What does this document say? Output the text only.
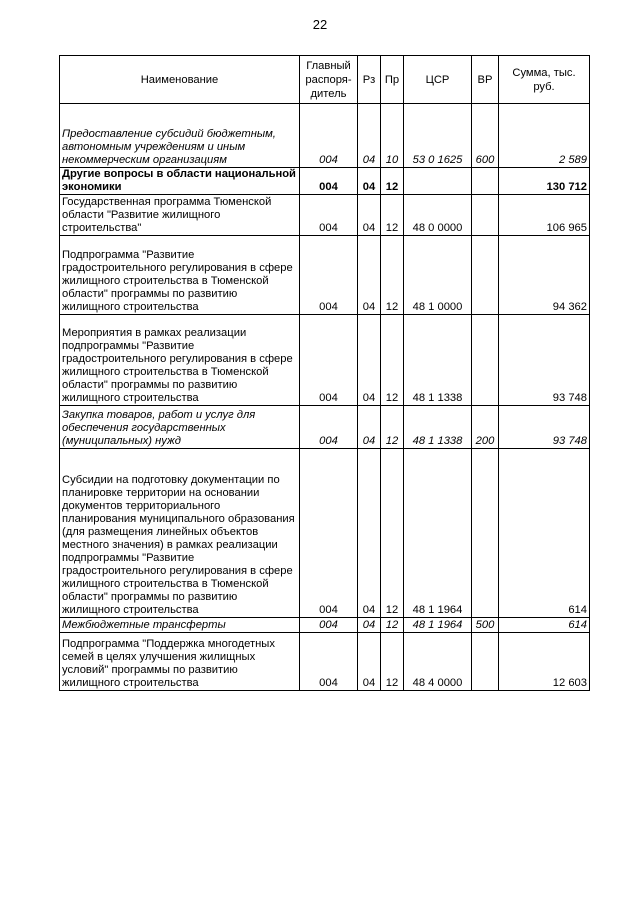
22
Наименование	Главный распоря-дитель	Рз	Пр	ЦСР	ВР	Сумма, тыс. руб.
Предоставление субсидий бюджетным, автономным учреждениям и иным некоммерческим организациям	004	04	10	53 0 1625	600	2 589
Другие вопросы в области национальной экономики	004	04	12			130 712
Государственная программа Тюменской области "Развитие жилищного строительства"	004	04	12	48 0 0000		106 965
Подпрограмма "Развитие градостроительного регулирования в сфере жилищного строительства в Тюменской области" программы по развитию жилищного строительства	004	04	12	48 1 0000		94 362
Мероприятия в рамках реализации подпрограммы "Развитие градостроительного регулирования в сфере жилищного строительства в Тюменской области" программы по развитию жилищного строительства	004	04	12	48 1 1338		93 748
Закупка товаров, работ и услуг для обеспечения государственных (муниципальных) нужд	004	04	12	48 1 1338	200	93 748
Субсидии на подготовку документации по планировке территории на основании документов территориального планирования муниципального образования (для размещения линейных объектов местного значения) в рамках реализации подпрограммы "Развитие градостроительного регулирования в сфере жилищного строительства в Тюменской области" программы по развитию жилищного строительства	004	04	12	48 1 1964		614
Межбюджетные трансферты	004	04	12	48 1 1964	500	614
Подпрограмма "Поддержка многодетных семей в целях улучшения жилищных условий" программы по развитию жилищного строительства	004	04	12	48 4 0000		12 603
